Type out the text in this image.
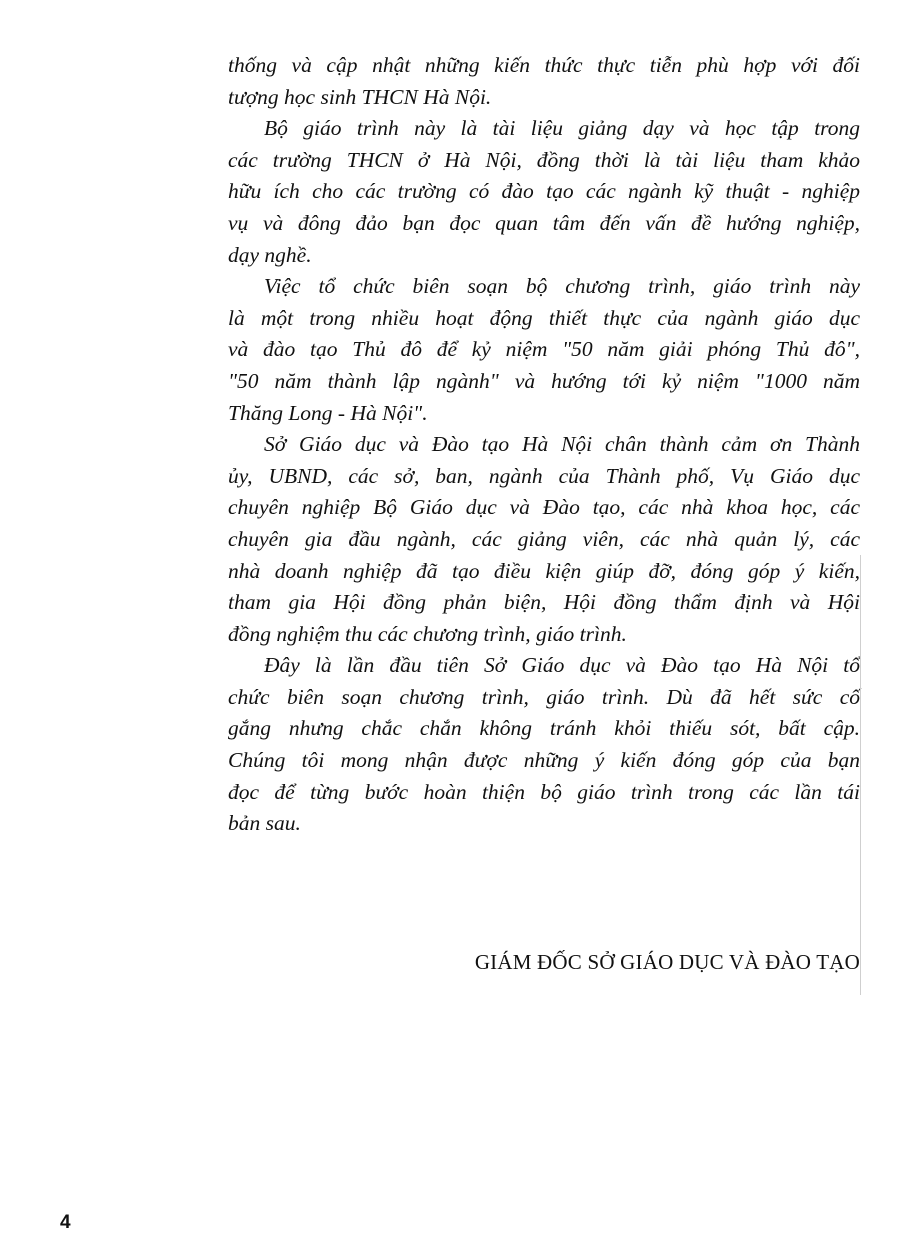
thống và cập nhật những kiến thức thực tiễn phù hợp với đối
tượng học sinh THCN Hà Nội.
Bộ giáo trình này là tài liệu giảng dạy và học tập trong
các trường THCN ở Hà Nội, đồng thời là tài liệu tham khảo
hữu ích cho các trường có đào tạo các ngành kỹ thuật - nghiệp
vụ và đông đảo bạn đọc quan tâm đến vấn đề hướng nghiệp,
dạy nghề.
Việc tổ chức biên soạn bộ chương trình, giáo trình này
là một trong nhiều hoạt động thiết thực của ngành giáo dục
và đào tạo Thủ đô để kỷ niệm "50 năm giải phóng Thủ đô",
"50 năm thành lập ngành" và hướng tới kỷ niệm "1000 năm
Thăng Long - Hà Nội".
Sở Giáo dục và Đào tạo Hà Nội chân thành cảm ơn Thành
ủy, UBND, các sở, ban, ngành của Thành phố, Vụ Giáo dục
chuyên nghiệp Bộ Giáo dục và Đào tạo, các nhà khoa học, các
chuyên gia đầu ngành, các giảng viên, các nhà quản lý, các
nhà doanh nghiệp đã tạo điều kiện giúp đỡ, đóng góp ý kiến,
tham gia Hội đồng phản biện, Hội đồng thẩm định và Hội
đồng nghiệm thu các chương trình, giáo trình.
Đây là lần đầu tiên Sở Giáo dục và Đào tạo Hà Nội tổ
chức biên soạn chương trình, giáo trình. Dù đã hết sức cố
gắng nhưng chắc chắn không tránh khỏi thiếu sót, bất cập.
Chúng tôi mong nhận được những ý kiến đóng góp của bạn
đọc để từng bước hoàn thiện bộ giáo trình trong các lần tái
bản sau.
GIÁM ĐỐC SỞ GIÁO DỤC VÀ ĐÀO TẠO
4
